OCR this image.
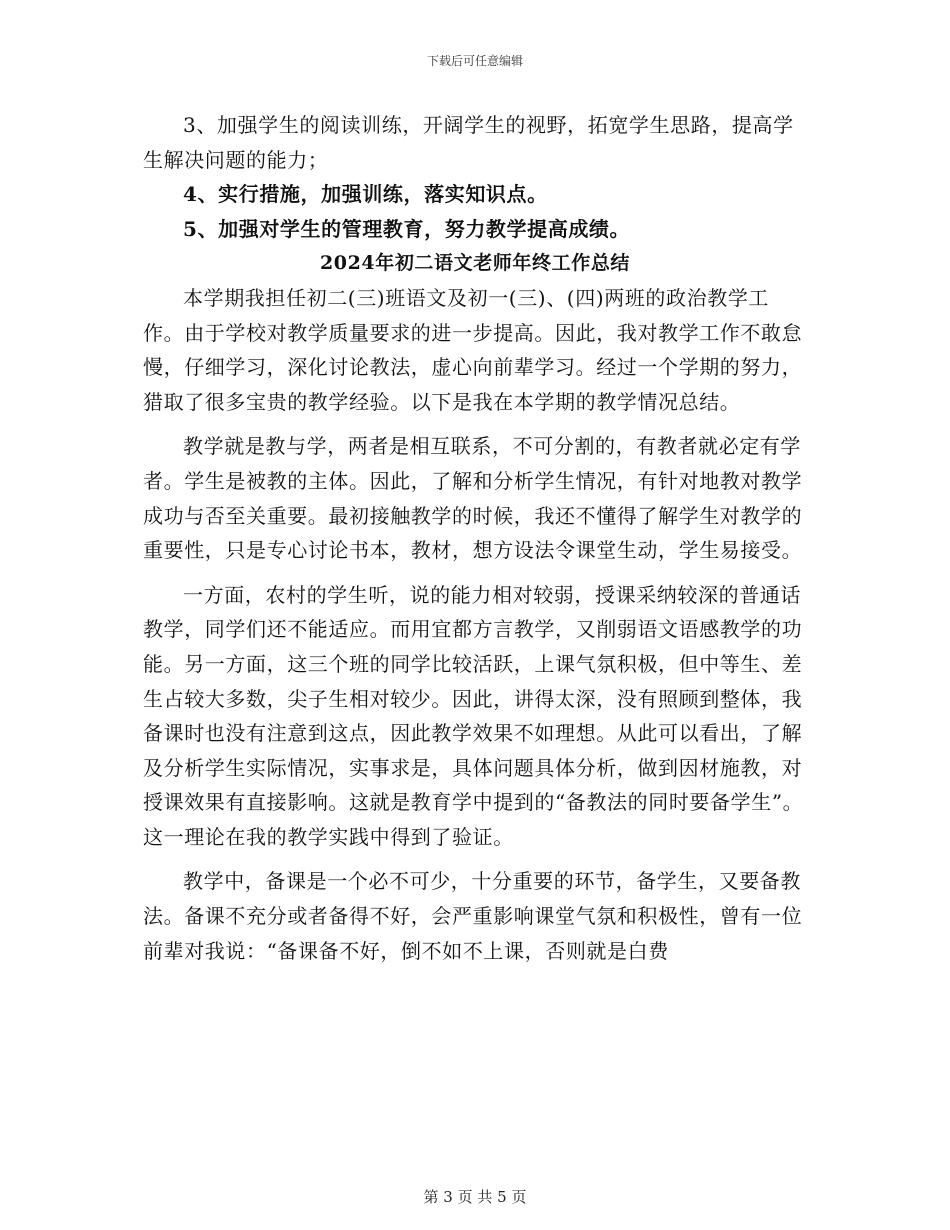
下载后可任意编辑

3、加强学生的阅读训练，开阔学生的视野，拓宽学生思路，提高学生解决问题的能力；

4、实行措施，加强训练，落实知识点。

5、加强对学生的管理教育，努力教学提高成绩。

2024年初二语文老师年终工作总结

本学期我担任初二(三)班语文及初一(三)、(四)两班的政治教学工作。由于学校对教学质量要求的进一步提高。因此，我对教学工作不敢怠慢，仔细学习，深化讨论教法，虚心向前辈学习。经过一个学期的努力，猎取了很多宝贵的教学经验。以下是我在本学期的教学情况总结。

教学就是教与学，两者是相互联系，不可分割的，有教者就必定有学者。学生是被教的主体。因此，了解和分析学生情况，有针对地教对教学成功与否至关重要。最初接触教学的时候，我还不懂得了解学生对教学的重要性，只是专心讨论书本，教材，想方设法令课堂生动，学生易接受。

一方面，农村的学生听，说的能力相对较弱，授课采纳较深的普通话教学，同学们还不能适应。而用宜都方言教学，又削弱语文语感教学的功能。另一方面，这三个班的同学比较活跃，上课气氛积极，但中等生、差生占较大多数，尖子生相对较少。因此，讲得太深，没有照顾到整体，我备课时也没有注意到这点，因此教学效果不如理想。从此可以看出，了解及分析学生实际情况，实事求是，具体问题具体分析，做到因材施教，对授课效果有直接影响。这就是教育学中提到的“备教法的同时要备学生”。这一理论在我的教学实践中得到了验证。

教学中，备课是一个必不可少，十分重要的环节，备学生，又要备教法。备课不充分或者备得不好，会严重影响课堂气氛和积极性，曾有一位前辈对我说：“备课备不好，倒不如不上课，否则就是白费

第 3 页 共 5 页
